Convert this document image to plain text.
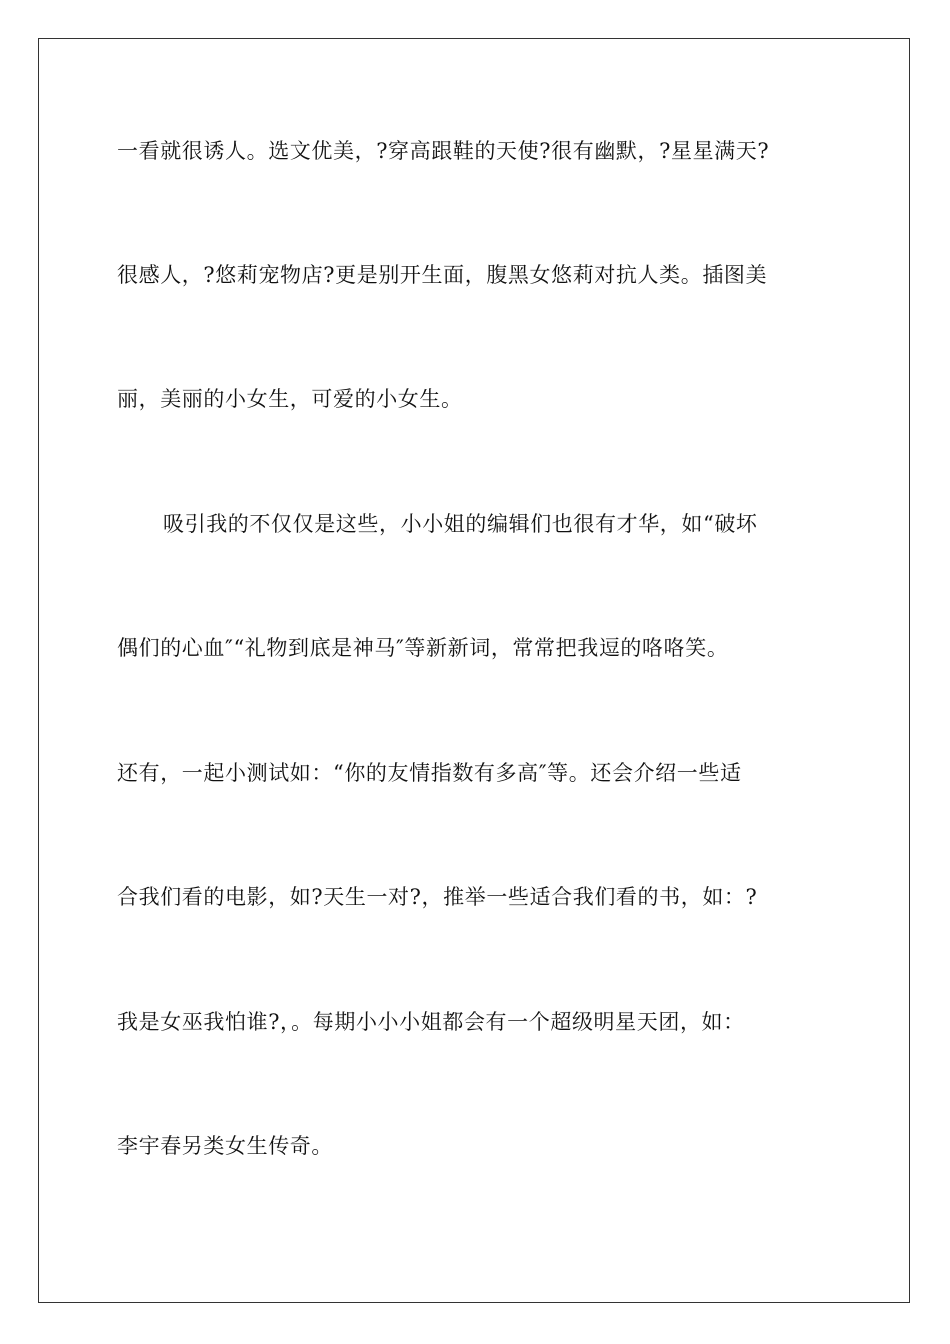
一看就很诱人。选文优美，?穿高跟鞋的天使?很有幽默，?星星满天?
很感人，?悠莉宠物店?更是别开生面，腹黑女悠莉对抗人类。插图美
丽，美丽的小女生，可爱的小女生。
吸引我的不仅仅是这些，小小姐的编辑们也很有才华，如“破坏
偶们的心血″“礼物到底是神马″等新新词，常常把我逗的咯咯笑。
还有，一起小测试如：“你的友情指数有多高″等。还会介绍一些适
合我们看的电影，如?天生一对?，推举一些适合我们看的书，如：?
我是女巫我怕谁?，。每期小小小姐都会有一个超级明星天团，如：
李宇春另类女生传奇。
